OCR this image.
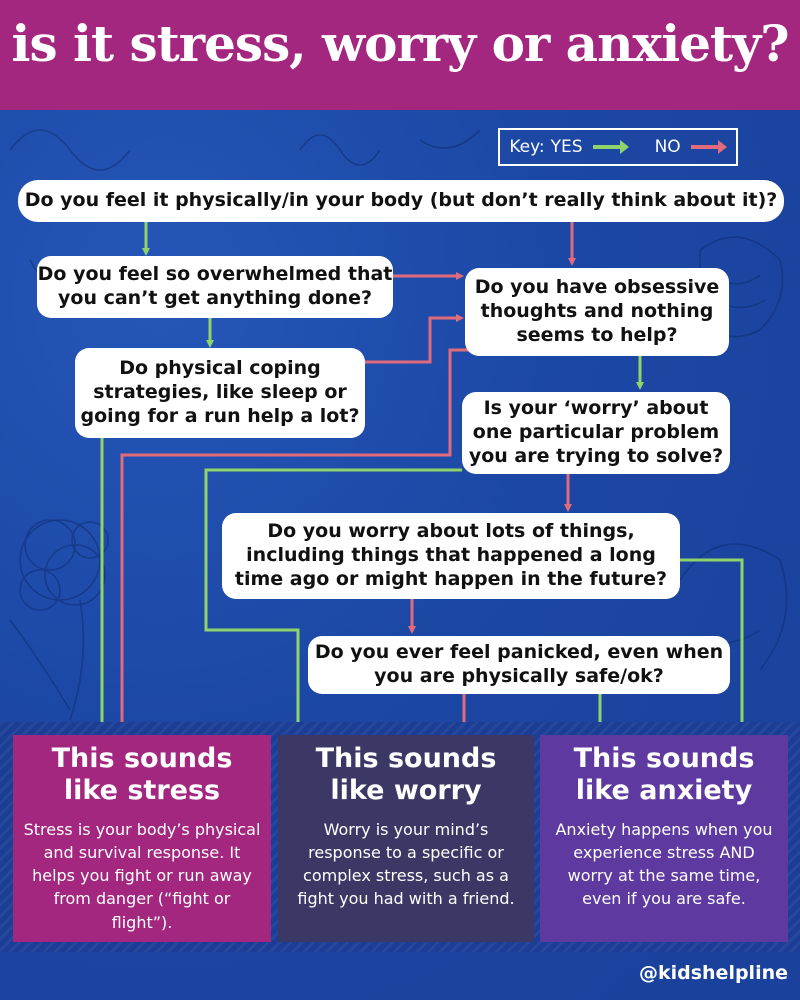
is it stress, worry or anxiety?
Key: YES	NO
Do you feel it physically/in your body (but don’t really think about it)?
Do you feel so overwhelmed that you can’t get anything done?	Do you have obsessive thoughts and nothing seems to help?
Do physical coping strategies, like sleep or going for a run help a lot?	Is your ‘worry’ about one particular problem you are trying to solve?
Do you worry about lots of things, including things that happened a long time ago or might happen in the future?
Do you ever feel panicked, even when you are physically safe/ok?
This sounds like stress
Stress is your body’s physical and survival response. It helps you fight or run away from danger (“fight or flight”).
This sounds like worry
Worry is your mind’s response to a specific or complex stress, such as a fight you had with a friend.
This sounds like anxiety
Anxiety happens when you experience stress AND worry at the same time, even if you are safe.
@kidshelpline
